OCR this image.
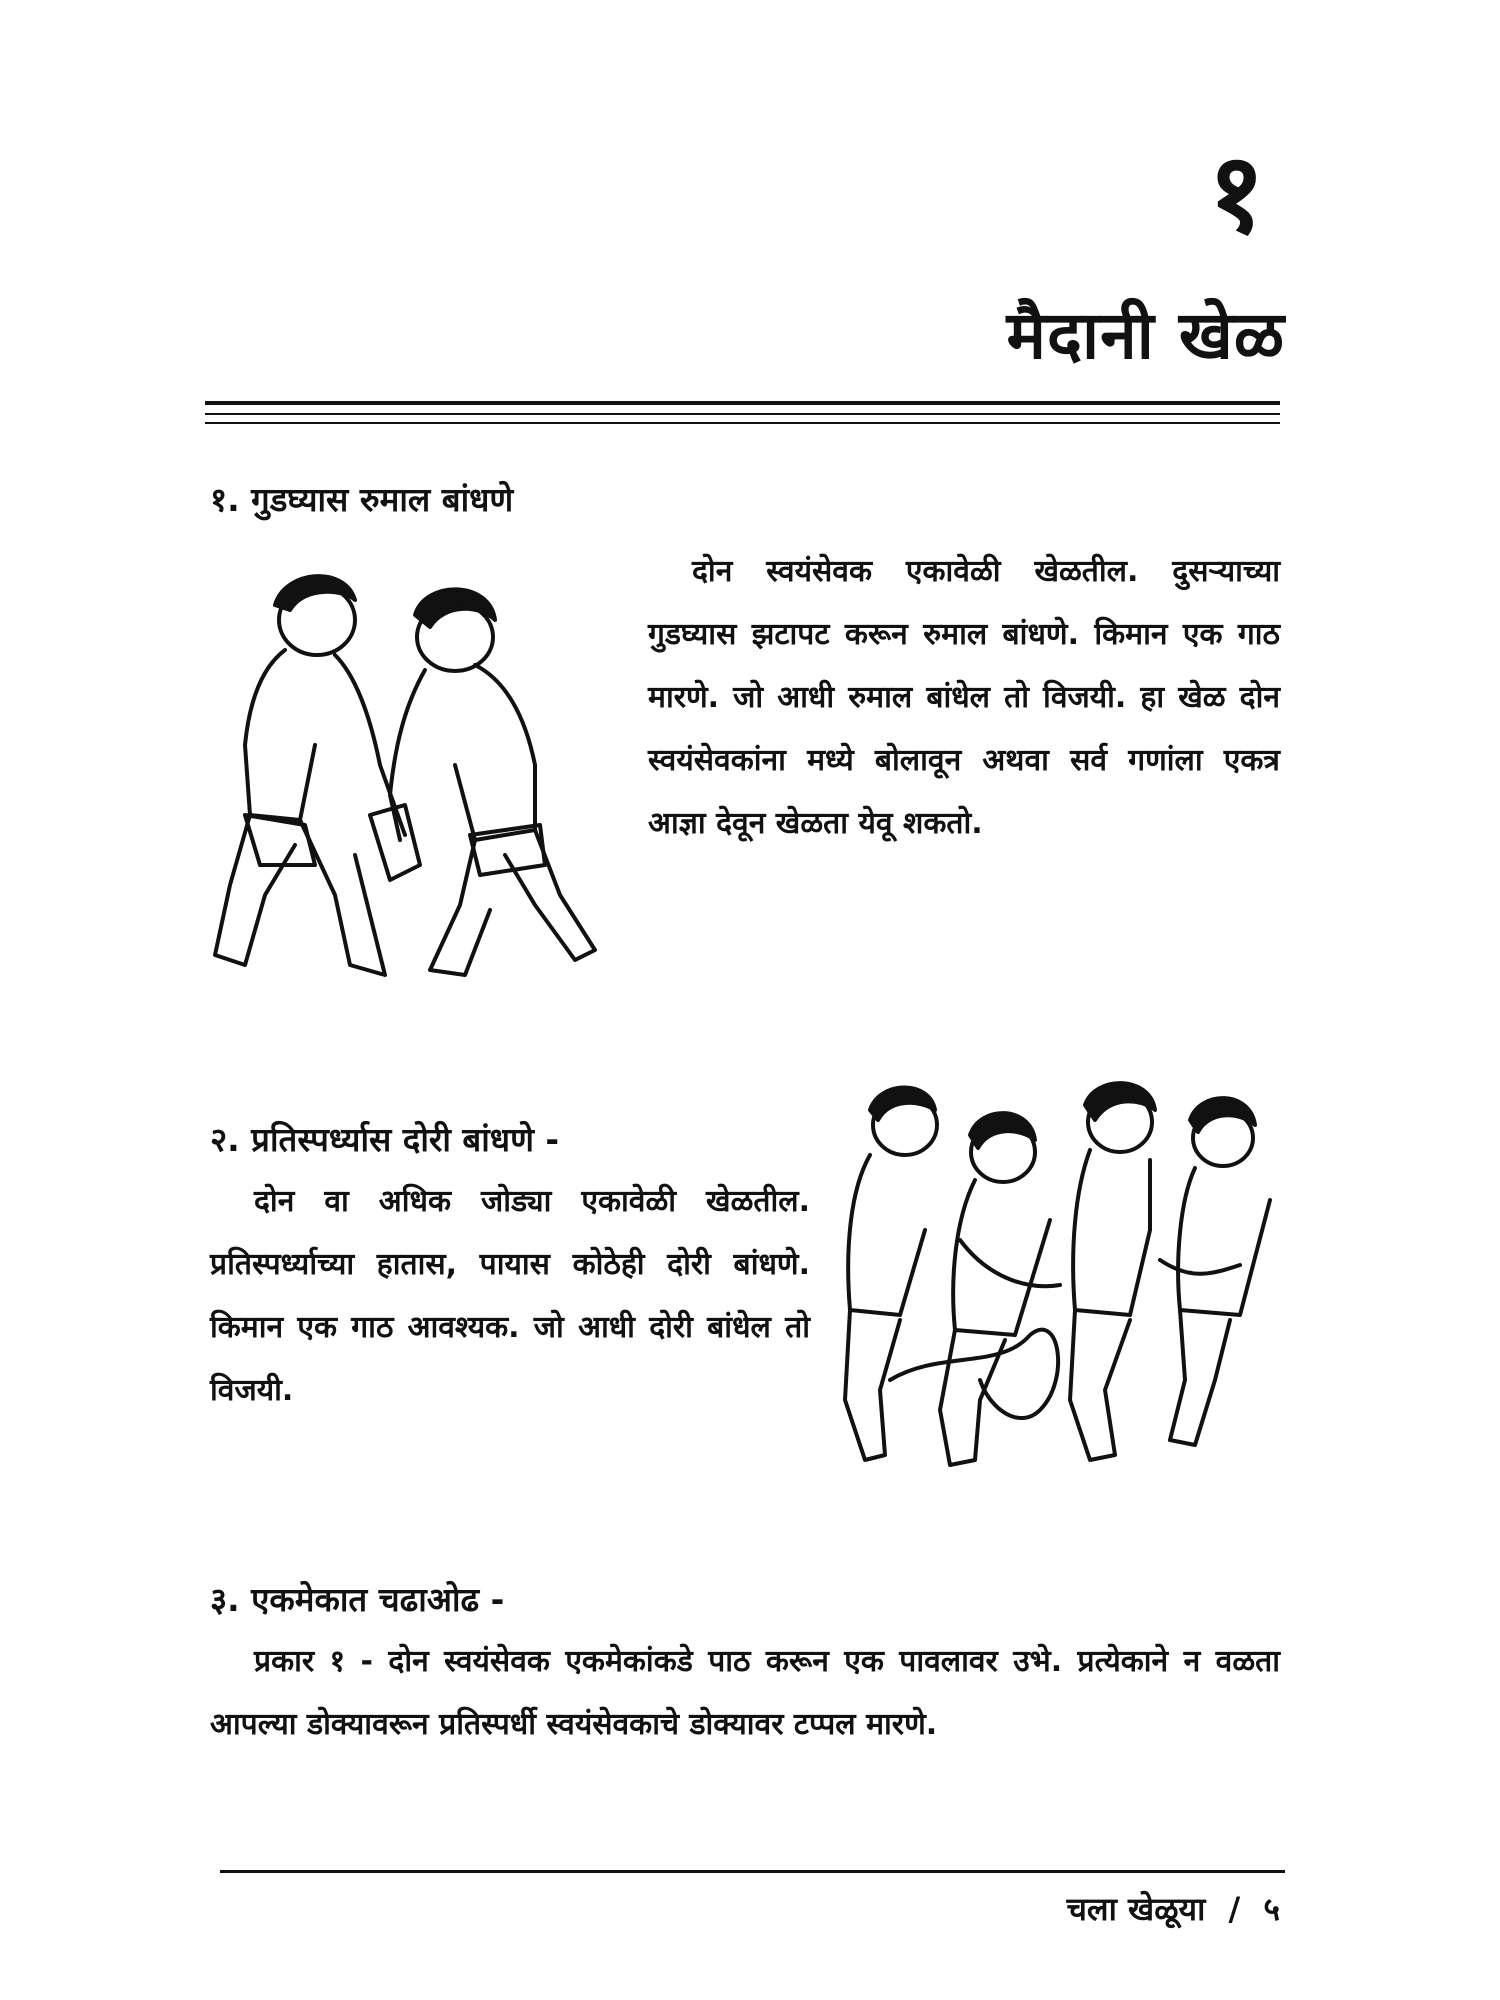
१
मैदानी खेळ
१. गुडघ्यास रुमाल बांधणे
दोन स्वयंसेवक एकावेळी खेळतील. दुसऱ्याच्या गुडघ्यास झटापट करून रुमाल बांधणे. किमान एक गाठ मारणे. जो आधी रुमाल बांधेल तो विजयी. हा खेळ दोन स्वयंसेवकांना मध्ये बोलावून अथवा सर्व गणांला एकत्र आज्ञा देवून खेळता येवू शकतो.
२. प्रतिस्पर्ध्यास दोरी बांधणे -
दोन वा अधिक जोड्या एकावेळी खेळतील. प्रतिस्पर्ध्याच्या हातास, पायास कोठेही दोरी बांधणे. किमान एक गाठ आवश्यक. जो आधी दोरी बांधेल तो विजयी.
३. एकमेकात चढाओढ -
प्रकार १ - दोन स्वयंसेवक एकमेकांकडे पाठ करून एक पावलावर उभे. प्रत्येकाने न वळता आपल्या डोक्यावरून प्रतिस्पर्धी स्वयंसेवकाचे डोक्यावर टप्पल मारणे.
चला खेळूया / ५
